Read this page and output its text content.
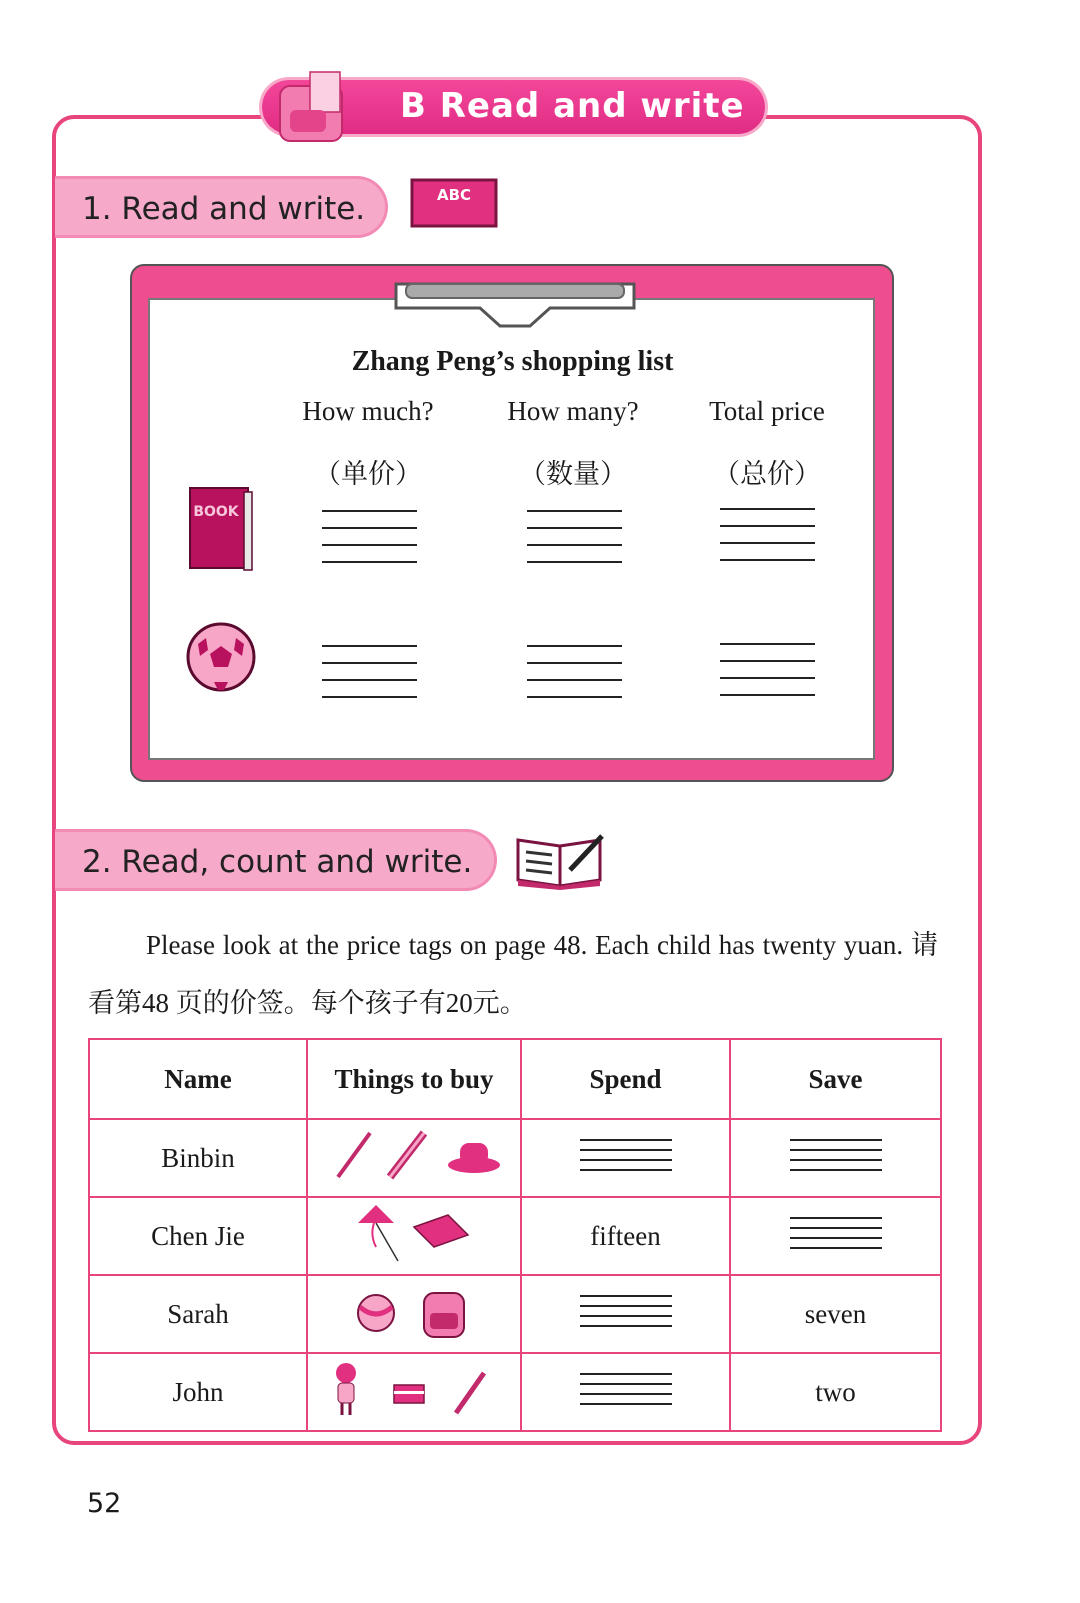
B Read and write
1. Read and write.	ABC
Zhang Peng’s shopping list
How much?	How many?	Total price
（单价）	（数量）	（总价）
BOOK
2. Read, count and write.
Please look at the price tags on page 48. Each child has twenty yuan. 请看第48 页的价签。每个孩子有20元。
Name	Things to buy	Spend	Save
Binbin		

Chen Jie		fifteen	

Sarah			seven
John			two
52
